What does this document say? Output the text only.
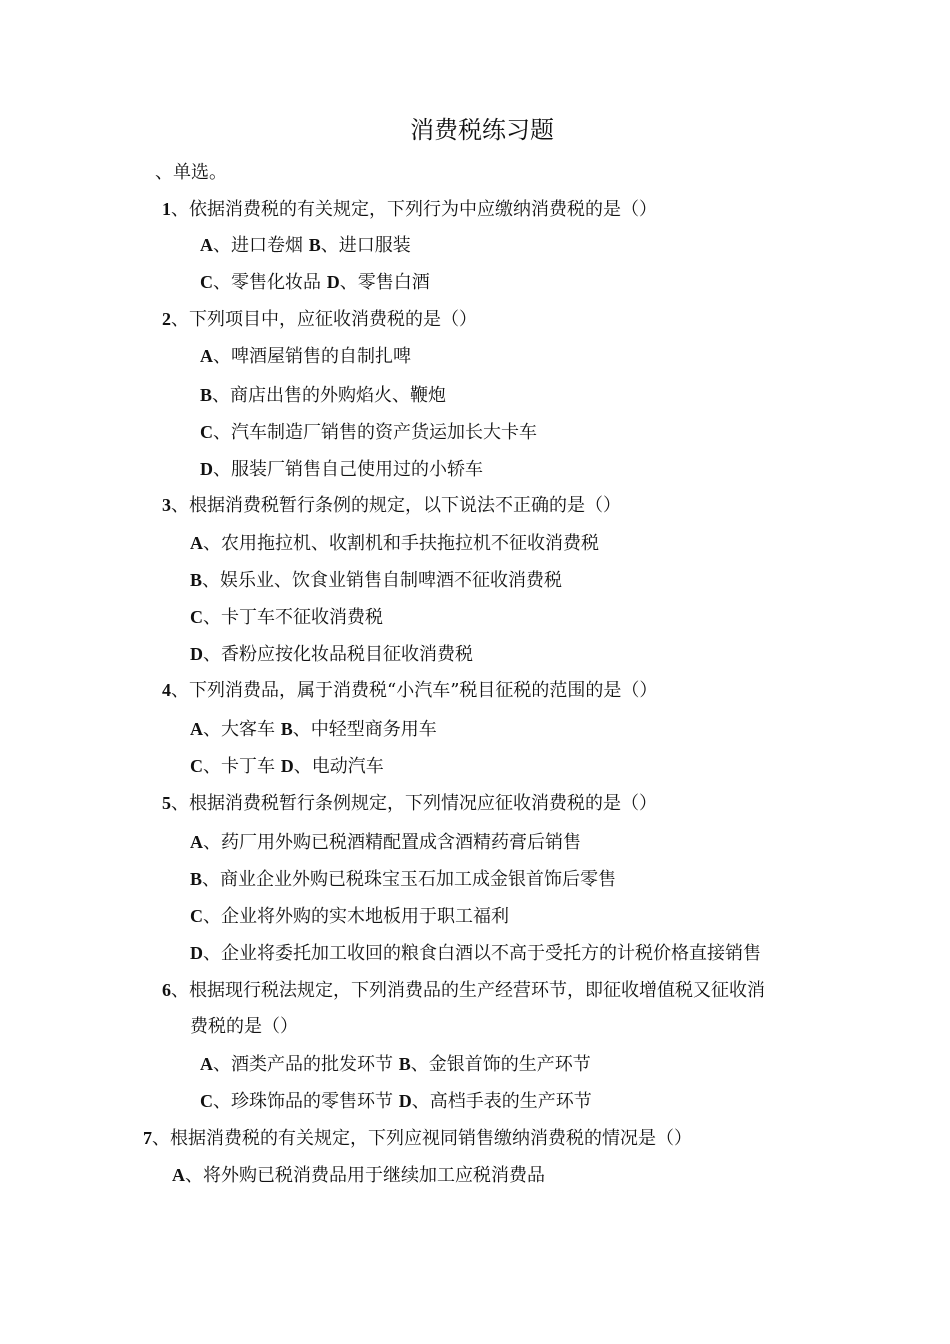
消费税练习题
、单选。
1、依据消费税的有关规定，下列行为中应缴纳消费税的是（）
A、进口卷烟 B、进口服装
C、零售化妆品 D、零售白酒
2、下列项目中，应征收消费税的是（）
A、啤酒屋销售的自制扎啤
B、商店出售的外购焰火、鞭炮
C、汽车制造厂销售的资产货运加长大卡车
D、服装厂销售自己使用过的小轿车
3、根据消费税暂行条例的规定，以下说法不正确的是（）
A、农用拖拉机、收割机和手扶拖拉机不征收消费税
B、娱乐业、饮食业销售自制啤酒不征收消费税
C、卡丁车不征收消费税
D、香粉应按化妆品税目征收消费税
4、下列消费品，属于消费税“小汽车”税目征税的范围的是（）
A、大客车 B、中轻型商务用车
C、卡丁车 D、电动汽车
5、根据消费税暂行条例规定，下列情况应征收消费税的是（）
A、药厂用外购已税酒精配置成含酒精药膏后销售
B、商业企业外购已税珠宝玉石加工成金银首饰后零售
C、企业将外购的实木地板用于职工福利
D、企业将委托加工收回的粮食白酒以不高于受托方的计税价格直接销售
6、根据现行税法规定，下列消费品的生产经营环节，即征收增值税又征收消
费税的是（）
A、酒类产品的批发环节 B、金银首饰的生产环节
C、珍珠饰品的零售环节 D、高档手表的生产环节
7、根据消费税的有关规定，下列应视同销售缴纳消费税的情况是（）
A、将外购已税消费品用于继续加工应税消费品
